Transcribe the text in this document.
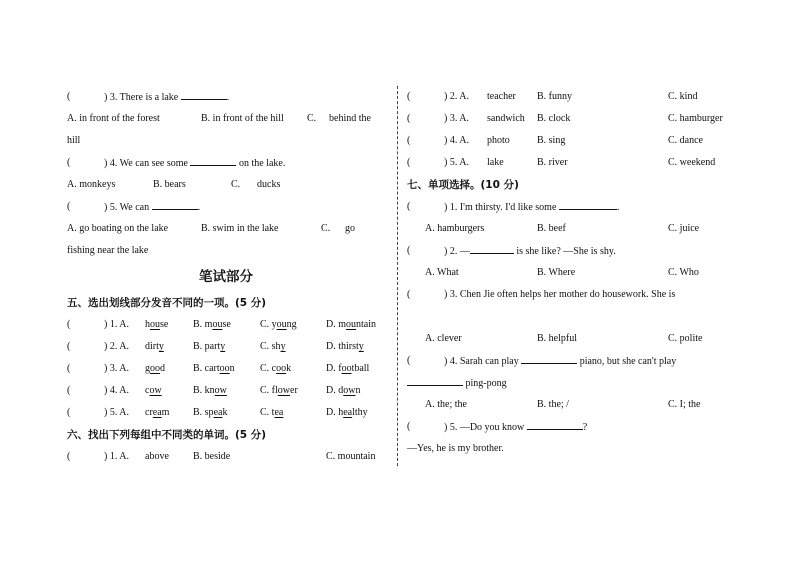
(	) 3. There is a lake	.
A. in front of the forest	B. in front of the hill C. behind the
hill
(	) 4. We can see some	on the lake.
A. monkeys	B. bears	C. ducks
(	) 5. We can	.
A. go boating on the lake	B. swim in the lake	C. go
fishing near the lake
笔试部分
五、选出划线部分发音不同的一项。(5 分)
(	) 1. A. house B. mouse	C. young	D. mountain
(	) 2. A. dirty	B. party	C. shy	D. thirsty
(	) 3. A. good	B. cartoon	C. cook	D. football
(	) 4. A. cow	B. know	C. flower	D. down
(	) 5. A. cream B. speak	C. tea	D. healthy
六、找出下列每组中不同类的单词。(5 分)
(	) 1. A. above B. beside	C. mountain
(	) 2. A. teacher B. funny	C. kind
(	) 3. A. sandwich B. clock	C. hamburger
(	) 4. A. photo	B. sing	C. dance
(	) 5. A. lake	B. river	C. weekend
七、单项选择。(10 分)
(	) 1. I'm thirsty. I'd like some	.
A. hamburgers	B. beef	C. juice
(	) 2. —	is she like? —She is shy.
A. What	B. Where	C. Who
(	) 3. Chen Jie often helps her mother do housework. She is
A. clever	B. helpful	C. polite
(	) 4. Sarah can play	piano, but she can't play
ping-pong
A. the; the	B. the; /	C. I; the
(	) 5. —Do you know	?
—Yes, he is my brother.
